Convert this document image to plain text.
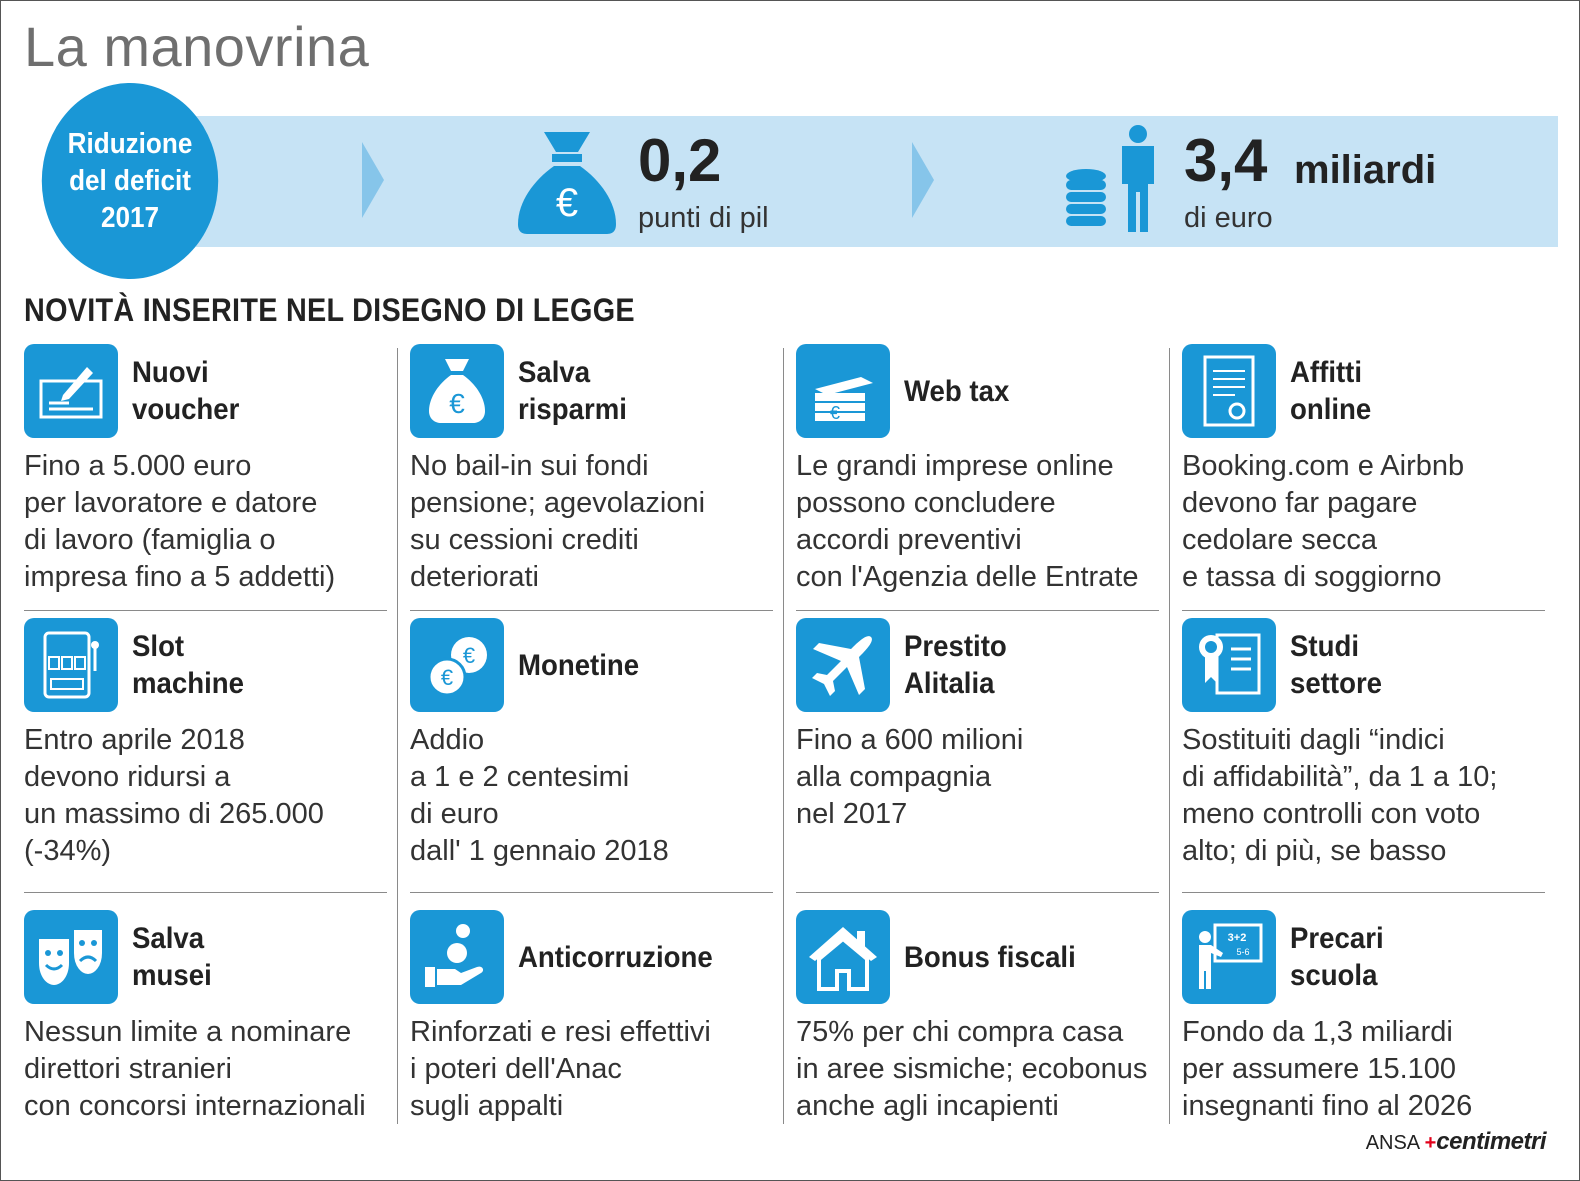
La manovrina
Riduzione
del deficit
2017	€
0,2
punti di pil
3,4 miliardi
di euro
NOVITÀ INSERITE NEL DISEGNO DI LEGGE
Nuovi
voucher
Fino a 5.000 euro
per lavoratore e datore
di lavoro (famiglia o
impresa fino a 5 addetti)
€
Salva
risparmi
No bail-in sui fondi
pensione; agevolazioni
su cessioni crediti
deteriorati
€
Web tax
Le grandi imprese online
possono concludere
accordi preventivi
con l'Agenzia delle Entrate
Affitti
online
Booking.com e Airbnb
devono far pagare
cedolare secca
e tassa di soggiorno
Slot
machine
Entro aprile 2018
devono ridursi a
un massimo di 265.000
(-34%)
€
€ Monetine
Addio
a 1 e 2 centesimi
di euro
dall' 1 gennaio 2018
Prestito
Alitalia
Fino a 600 milioni
alla compagnia
nel 2017
Studi
settore
Sostituiti dagli “indici
di affidabilità”, da 1 a 10;
meno controlli con voto
alto; di più, se basso
Salva
musei
Nessun limite a nominare
direttori stranieri
con concorsi internazionali
Anticorruzione
Rinforzati e resi effettivi
i poteri dell'Anac
sugli appalti
Bonus fiscali
75% per chi compra casa
in aree sismiche; ecobonus
anche agli incapienti
3+2
5-6 Precari
scuola
Fondo da 1,3 miliardi
per assumere 15.100
insegnanti fino al 2026
ANSA +centimetri
